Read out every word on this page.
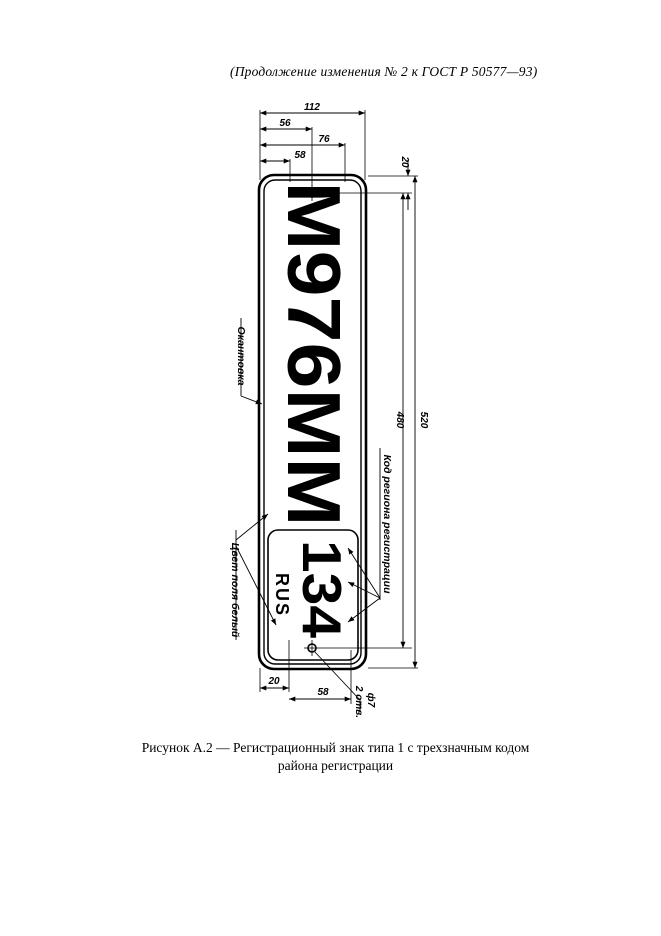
(Продолжение изменения № 2 к ГОСТ Р 50577—93)
М976ММ
134
RUS
112
56
76
58
20
58
20
480 520
ф7
2 отв.
Окантовка
Цвет поля белый	Код региона регистрации
Рисунок А.2 — Регистрационный знак типа 1 с трехзначным кодом
района регистрации
